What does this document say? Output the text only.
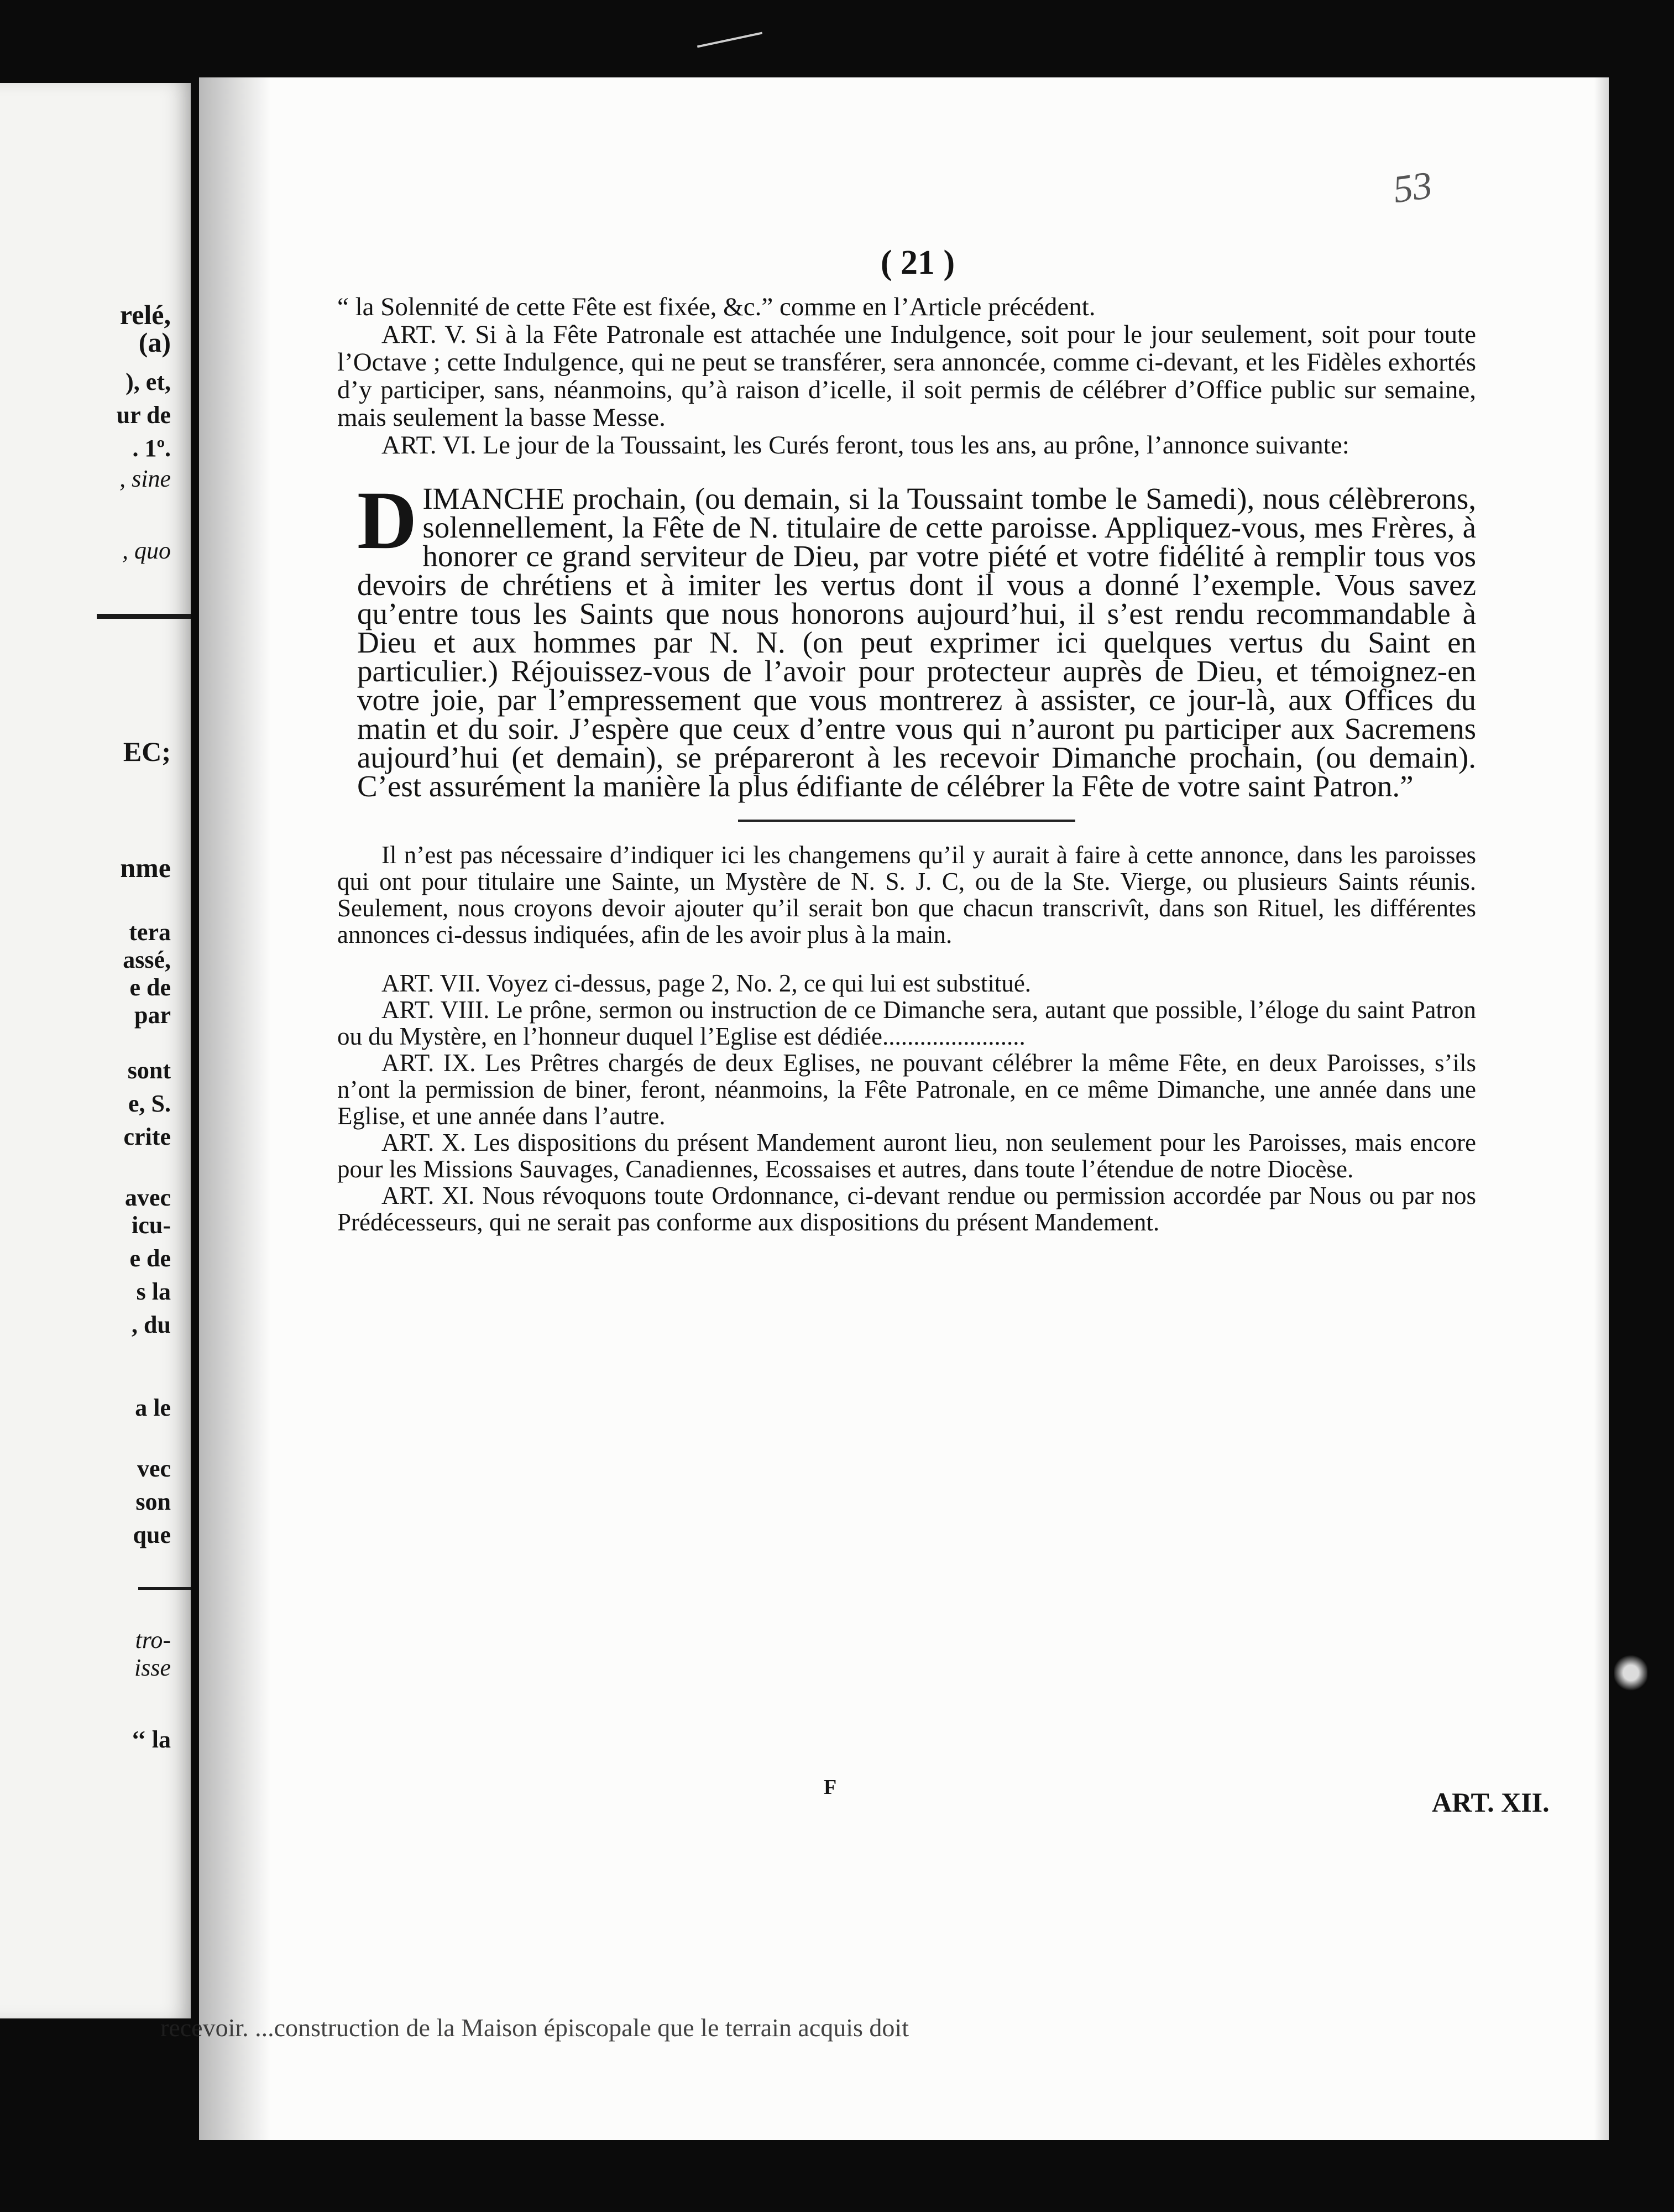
relé,
(a)
), et,
ur de
. 1º.
, sine
, quo
EC;
nme
tera
assé,
e de
par
sont
e, S.
crite
avec
icu-
e de
s la
, du
a le
vec
son
que
tro-
isse
‘‘ la
53
( 21 )

“ la Solennité de cette Fête est fixée, &c.” comme en l’Article précédent.

ART. V. Si à la Fête Patronale est attachée une Indulgence, soit pour le jour seulement, soit pour toute l’Octave ; cette Indulgence, qui ne peut se transférer, sera annoncée, comme ci-devant, et les Fidèles exhortés d’y participer, sans, néanmoins, qu’à raison d’icelle, il soit permis de célébrer d’Office public sur semaine, mais seulement la basse Messe.

ART. VI. Le jour de la Toussaint, les Curés feront, tous les ans, au prône, l’annonce suivante:

DIMANCHE prochain, (ou demain, si la Toussaint tombe le Samedi), nous célèbrerons, solennellement, la Fête de N. titulaire de cette paroisse. Appliquez-vous, mes Frères, à honorer ce grand serviteur de Dieu, par votre piété et votre fidélité à remplir tous vos devoirs de chrétiens et à imiter les vertus dont il vous a donné l’exemple. Vous savez qu’entre tous les Saints que nous honorons aujourd’hui, il s’est rendu recommandable à Dieu et aux hommes par N. N. (on peut exprimer ici quelques vertus du Saint en particulier.) Réjouissez-vous de l’avoir pour protecteur auprès de Dieu, et témoignez-en votre joie, par l’empressement que vous montrerez à assister, ce jour-là, aux Offices du matin et du soir. J’espère que ceux d’entre vous qui n’auront pu participer aux Sacremens aujourd’hui (et demain), se prépareront à les recevoir Dimanche prochain, (ou demain). C’est assurément la manière la plus édifiante de célébrer la Fête de votre saint Patron.”

Il n’est pas nécessaire d’indiquer ici les changemens qu’il y aurait à faire à cette annonce, dans les paroisses qui ont pour titulaire une Sainte, un Mystère de N. S. J. C, ou de la Ste. Vierge, ou plusieurs Saints réunis. Seulement, nous croyons devoir ajouter qu’il serait bon que chacun transcrivît, dans son Rituel, les différentes annonces ci-dessus indiquées, afin de les avoir plus à la main.

ART. VII. Voyez ci-dessus, page 2, No. 2, ce qui lui est substitué.

ART. VIII. Le prône, sermon ou instruction de ce Dimanche sera, autant que possible, l’éloge du saint Patron ou du Mystère, en l’honneur duquel l’Eglise est dédiée.......................

ART. IX. Les Prêtres chargés de deux Eglises, ne pouvant célébrer la même Fête, en deux Paroisses, s’ils n’ont la permission de biner, feront, néanmoins, la Fête Patronale, en ce même Dimanche, une année dans une Eglise, et une année dans l’autre.

ART. X. Les dispositions du présent Mandement auront lieu, non seulement pour les Paroisses, mais encore pour les Missions Sauvages, Canadiennes, Ecossaises et autres, dans toute l’étendue de notre Diocèse.

ART. XI. Nous révoquons toute Ordonnance, ci-devant rendue ou permission accordée par Nous ou par nos Prédécesseurs, qui ne serait pas conforme aux dispositions du présent Mandement.

F	ART. XII.
recevoir. ...construction de la Maison épiscopale que le terrain acquis doit
